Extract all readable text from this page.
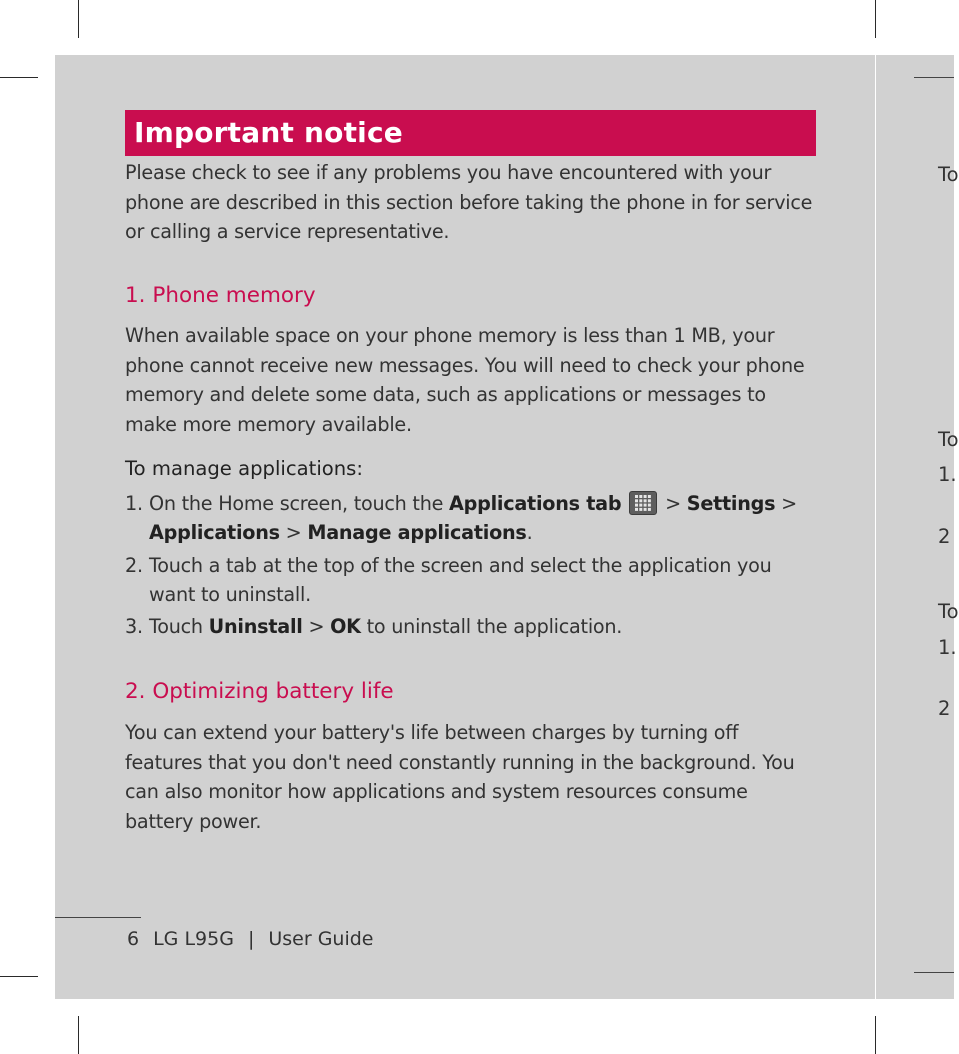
To
To
1.
2
To
1.
2
Important notice

Please check to see if any problems you have encountered with your phone are described in this section before taking the phone in for service or calling a service representative.

1. Phone memory

When available space on your phone memory is less than 1 MB, your phone cannot receive new messages. You will need to check your phone memory and delete some data, such as applications or messages to make more memory available.

To manage applications:
1. On the Home screen, touch the Applications tab
> Settings > Applications > Manage applications.
2. Touch a tab at the top of the screen and select the application you want to uninstall.
3. Touch Uninstall > OK to uninstall the application.
2. Optimizing battery life

You can extend your battery's life between charges by turning off features that you don't need constantly running in the background. You can also monitor how applications and system resources consume battery power.

6 LG L95G | User Guide
